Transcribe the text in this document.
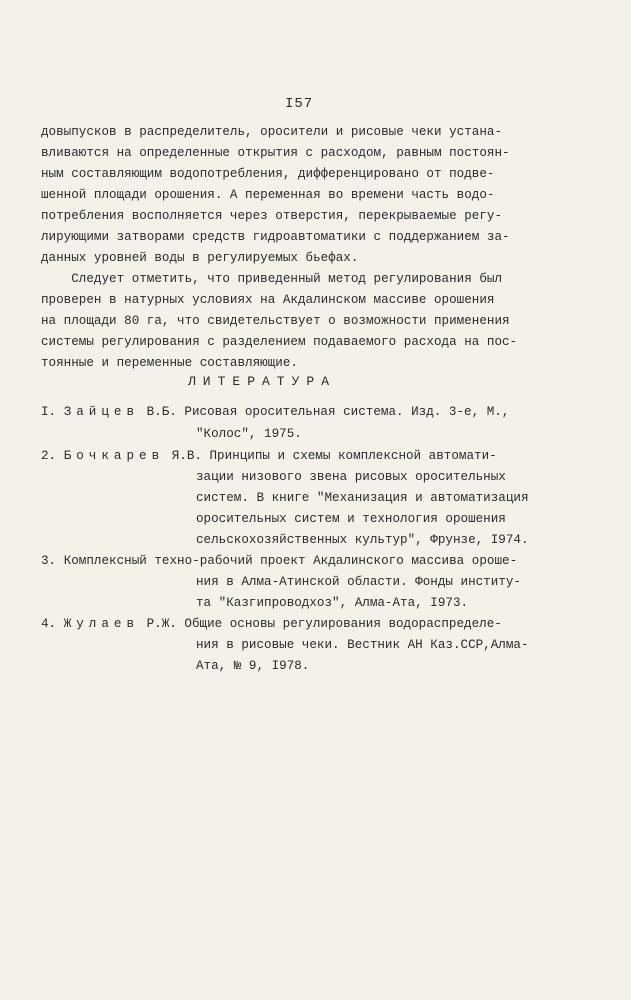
I57
довыпусков в распределитель, оросители и рисовые чеки устана-
вливаются на определенные открытия с расходом, равным постоян-
ным составляющим водопотребления, дифференцировано от подве-
шенной площади орошения. А переменная во времени часть водо-
потребления восполняется через отверстия, перекрываемые регу-
лирующими затворами средств гидроавтоматики с поддержанием за-
данных уровней воды в регулируемых бьефах.
Следует отметить, что приведенный метод регулирования был
проверен в натурных условиях на Акдалинском массиве орошения
на площади 80 га, что свидетельствует о возможности применения
системы регулирования с разделением подаваемого расхода на пос-
тоянные и переменные составляющие.
ЛИТЕРАТУРА
I. Зайцев В.Б. Рисовая оросительная система. Изд. 3-е, М.,
"Колос", 1975.
2. Бочкарев Я.В. Принципы и схемы комплексной автомати-
зации низового звена рисовых оросительных
систем. В книге "Механизация и автоматизация
оросительных систем и технология орошения
сельскохозяйственных культур", Фрунзе, I974.
3. Комплексный техно-рабочий проект Акдалинского массива ороше-
ния в Алма-Атинской области. Фонды институ-
та "Казгипроводхоз", Алма-Ата, I973.
4. Жулаев Р.Ж. Общие основы регулирования водораспределе-
ния в рисовые чеки. Вестник АН Каз.ССР,Алма-
Ата, № 9, I978.
